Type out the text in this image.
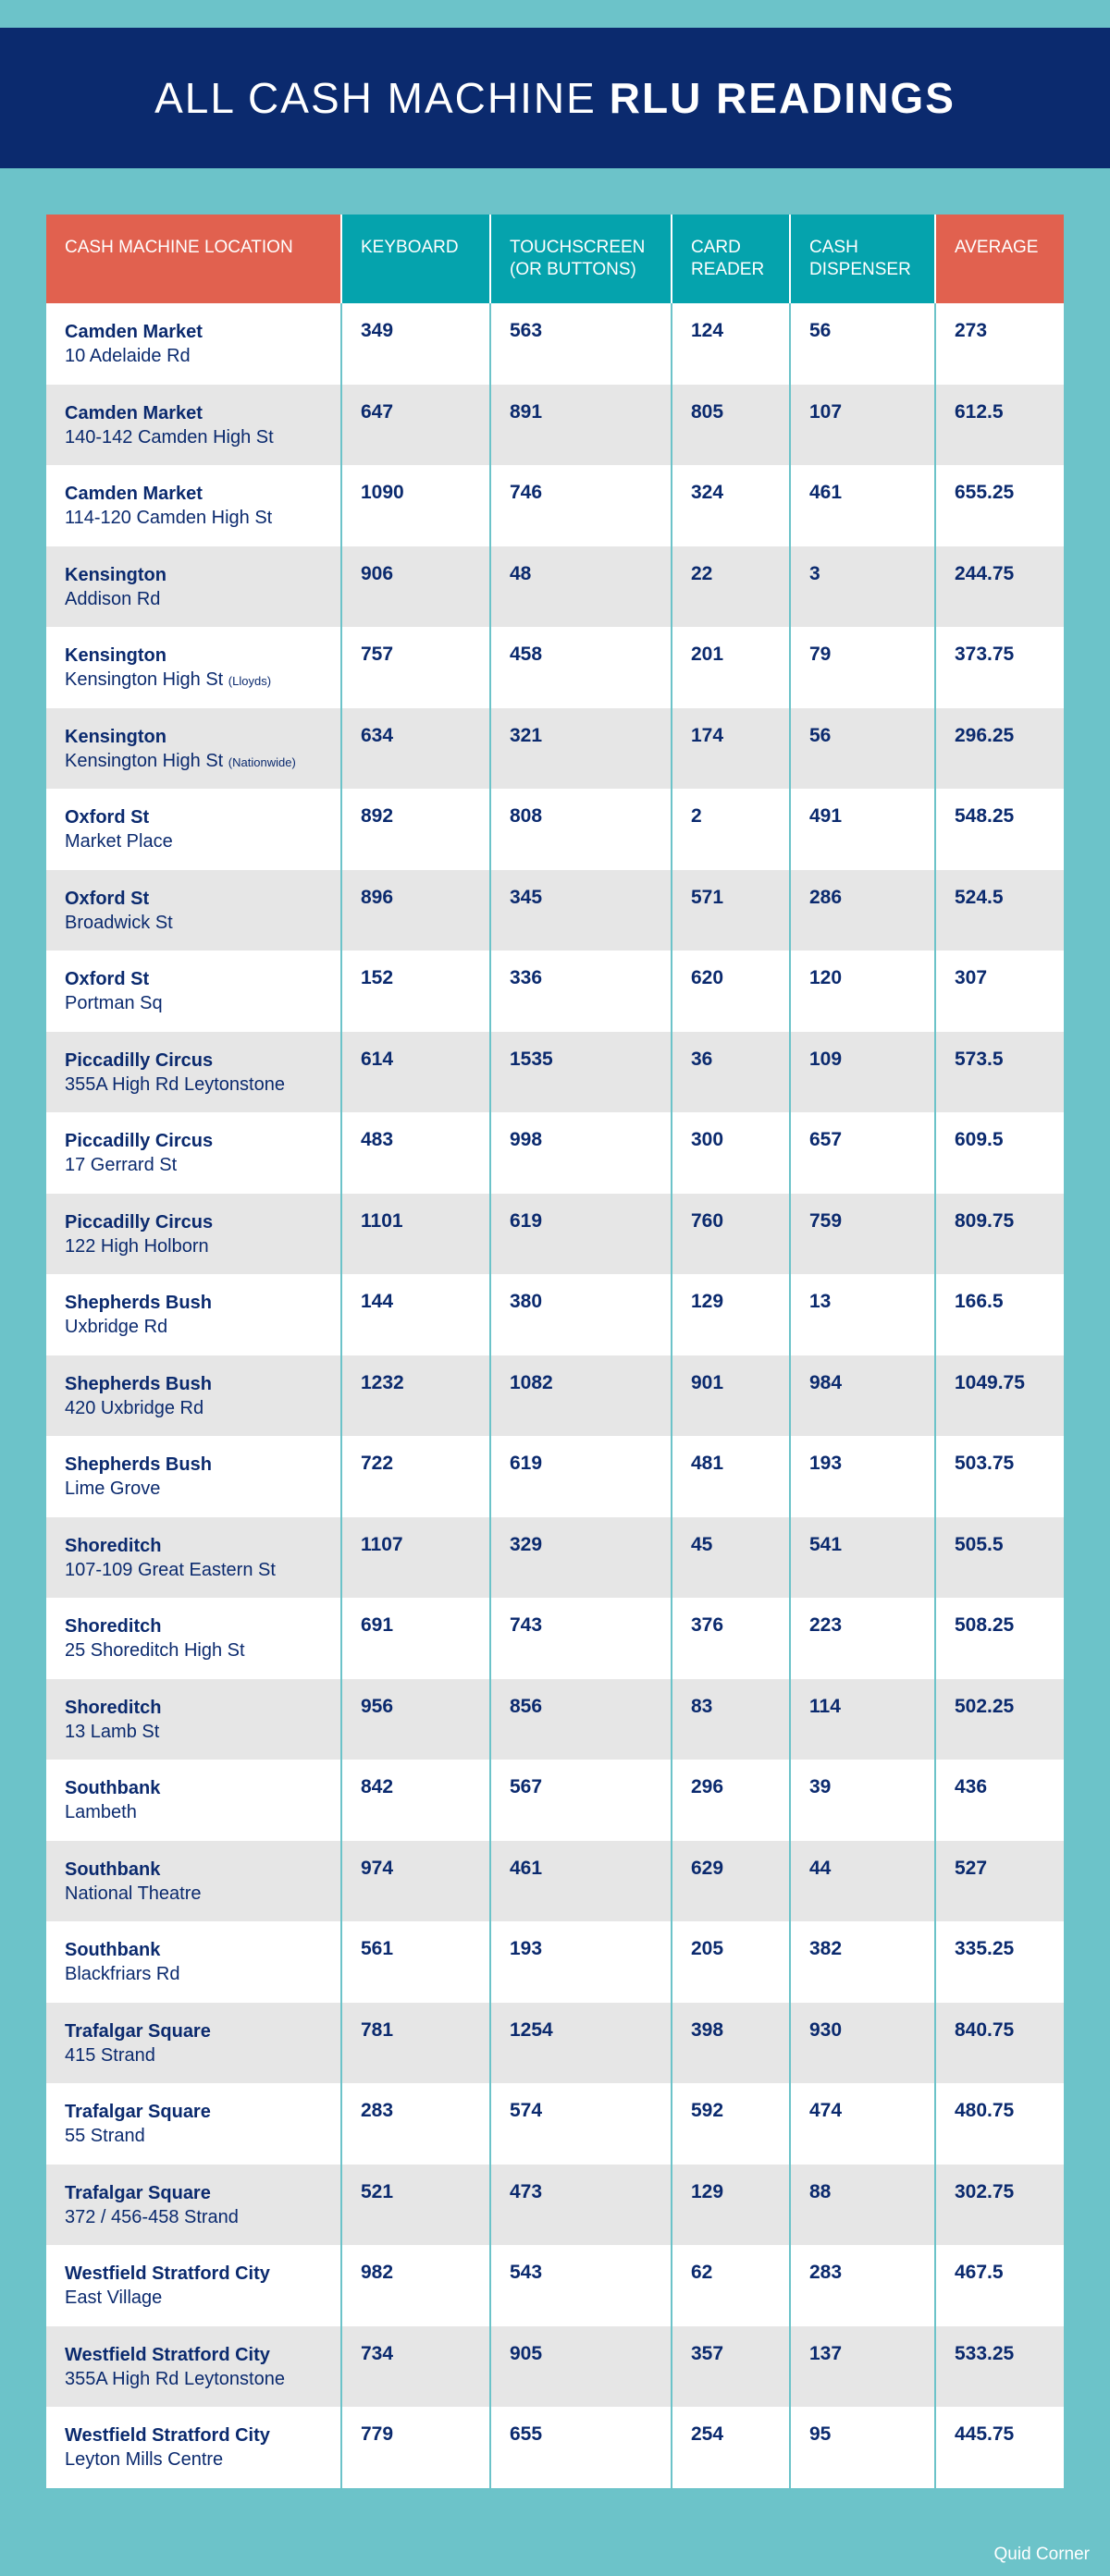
ALL CASH MACHINE RLU READINGS
CASH MACHINE LOCATION	KEYBOARD	TOUCHSCREEN (OR BUTTONS)	CARD READER	CASH DISPENSER	AVERAGE

Camden Market
10 Adelaide Rd	349	563	124	56	273

Camden Market
140-142 Camden High St	647	891	805	107	612.5

Camden Market
114-120 Camden High St	1090	746	324	461	655.25

Kensington
Addison Rd	906	48	22	3	244.75

Kensington
Kensington High St (Lloyds)	757	458	201	79	373.75

Kensington
Kensington High St (Nationwide)	634	321	174	56	296.25

Oxford St
Market Place	892	808	2	491	548.25

Oxford St
Broadwick St	896	345	571	286	524.5

Oxford St
Portman Sq	152	336	620	120	307

Piccadilly Circus
355A High Rd Leytonstone	614	1535	36	109	573.5

Piccadilly Circus
17 Gerrard St	483	998	300	657	609.5

Piccadilly Circus
122 High Holborn	1101	619	760	759	809.75

Shepherds Bush
Uxbridge Rd	144	380	129	13	166.5

Shepherds Bush
420 Uxbridge Rd	1232	1082	901	984	1049.75

Shepherds Bush
Lime Grove	722	619	481	193	503.75

Shoreditch
107-109 Great Eastern St	1107	329	45	541	505.5

Shoreditch
25 Shoreditch High St	691	743	376	223	508.25

Shoreditch
13 Lamb St	956	856	83	114	502.25

Southbank
Lambeth	842	567	296	39	436

Southbank
National Theatre	974	461	629	44	527

Southbank
Blackfriars Rd	561	193	205	382	335.25

Trafalgar Square
415 Strand	781	1254	398	930	840.75

Trafalgar Square
55 Strand	283	574	592	474	480.75

Trafalgar Square
372 / 456-458 Strand	521	473	129	88	302.75

Westfield Stratford City
East Village	982	543	62	283	467.5

Westfield Stratford City
355A High Rd Leytonstone	734	905	357	137	533.25

Westfield Stratford City
Leyton Mills Centre	779	655	254	95	445.75
Quid Corner
